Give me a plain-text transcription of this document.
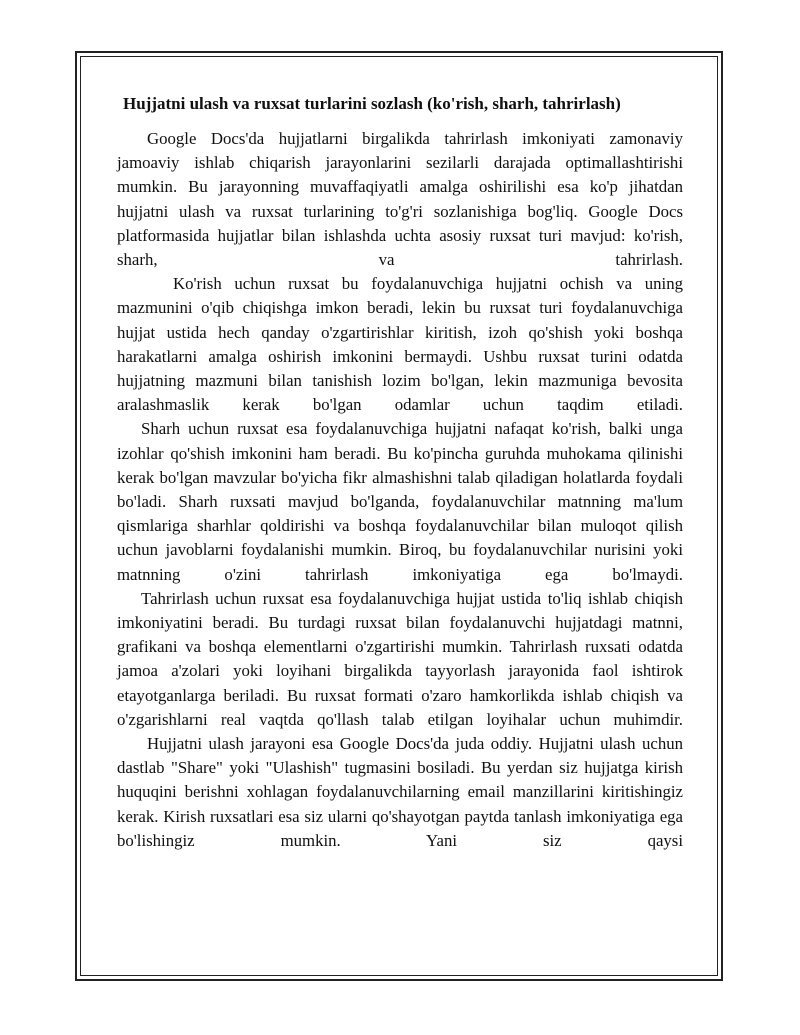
Hujjatni ulash va ruxsat turlarini sozlash (ko'rish, sharh, tahrirlash)

Google Docs'da hujjatlarni birgalikda tahrirlash imkoniyati zamonaviy jamoaviy ishlab chiqarish jarayonlarini sezilarli darajada optimallashtirishi mumkin. Bu jarayonning muvaffaqiyatli amalga oshirilishi esa ko'p jihatdan hujjatni ulash va ruxsat turlarining to'g'ri sozlanishiga bog'liq. Google Docs platformasida hujjatlar bilan ishlashda uchta asosiy ruxsat turi mavjud: ko'rish, sharh, va tahrirlash.

Ko'rish uchun ruxsat bu foydalanuvchiga hujjatni ochish va uning mazmunini o'qib chiqishga imkon beradi, lekin bu ruxsat turi foydalanuvchiga hujjat ustida hech qanday o'zgartirishlar kiritish, izoh qo'shish yoki boshqa harakatlarni amalga oshirish imkonini bermaydi. Ushbu ruxsat turini odatda hujjatning mazmuni bilan tanishish lozim bo'lgan, lekin mazmuniga bevosita aralashmaslik kerak bo'lgan odamlar uchun taqdim etiladi.

Sharh uchun ruxsat esa foydalanuvchiga hujjatni nafaqat ko'rish, balki unga izohlar qo'shish imkonini ham beradi. Bu ko'pincha guruhda muhokama qilinishi kerak bo'lgan mavzular bo'yicha fikr almashishni talab qiladigan holatlarda foydali bo'ladi. Sharh ruxsati mavjud bo'lganda, foydalanuvchilar matnning ma'lum qismlariga sharhlar qoldirishi va boshqa foydalanuvchilar bilan muloqot qilish uchun javoblarni foydalanishi mumkin. Biroq, bu foydalanuvchilar nurisini yoki matnning o'zini tahrirlash imkoniyatiga ega bo'lmaydi.

Tahrirlash uchun ruxsat esa foydalanuvchiga hujjat ustida to'liq ishlab chiqish imkoniyatini beradi. Bu turdagi ruxsat bilan foydalanuvchi hujjatdagi matnni, grafikani va boshqa elementlarni o'zgartirishi mumkin. Tahrirlash ruxsati odatda jamoa a'zolari yoki loyihani birgalikda tayyorlash jarayonida faol ishtirok etayotganlarga beriladi. Bu ruxsat formati o'zaro hamkorlikda ishlab chiqish va o'zgarishlarni real vaqtda qo'llash talab etilgan loyihalar uchun muhimdir.

Hujjatni ulash jarayoni esa Google Docs'da juda oddiy. Hujjatni ulash uchun dastlab "Share" yoki "Ulashish" tugmasini bosiladi. Bu yerdan siz hujjatga kirish huquqini berishni xohlagan foydalanuvchilarning email manzillarini kiritishingiz kerak. Kirish ruxsatlari esa siz ularni qo'shayotgan paytda tanlash imkoniyatiga ega bo'lishingiz mumkin. Yani siz qaysi
